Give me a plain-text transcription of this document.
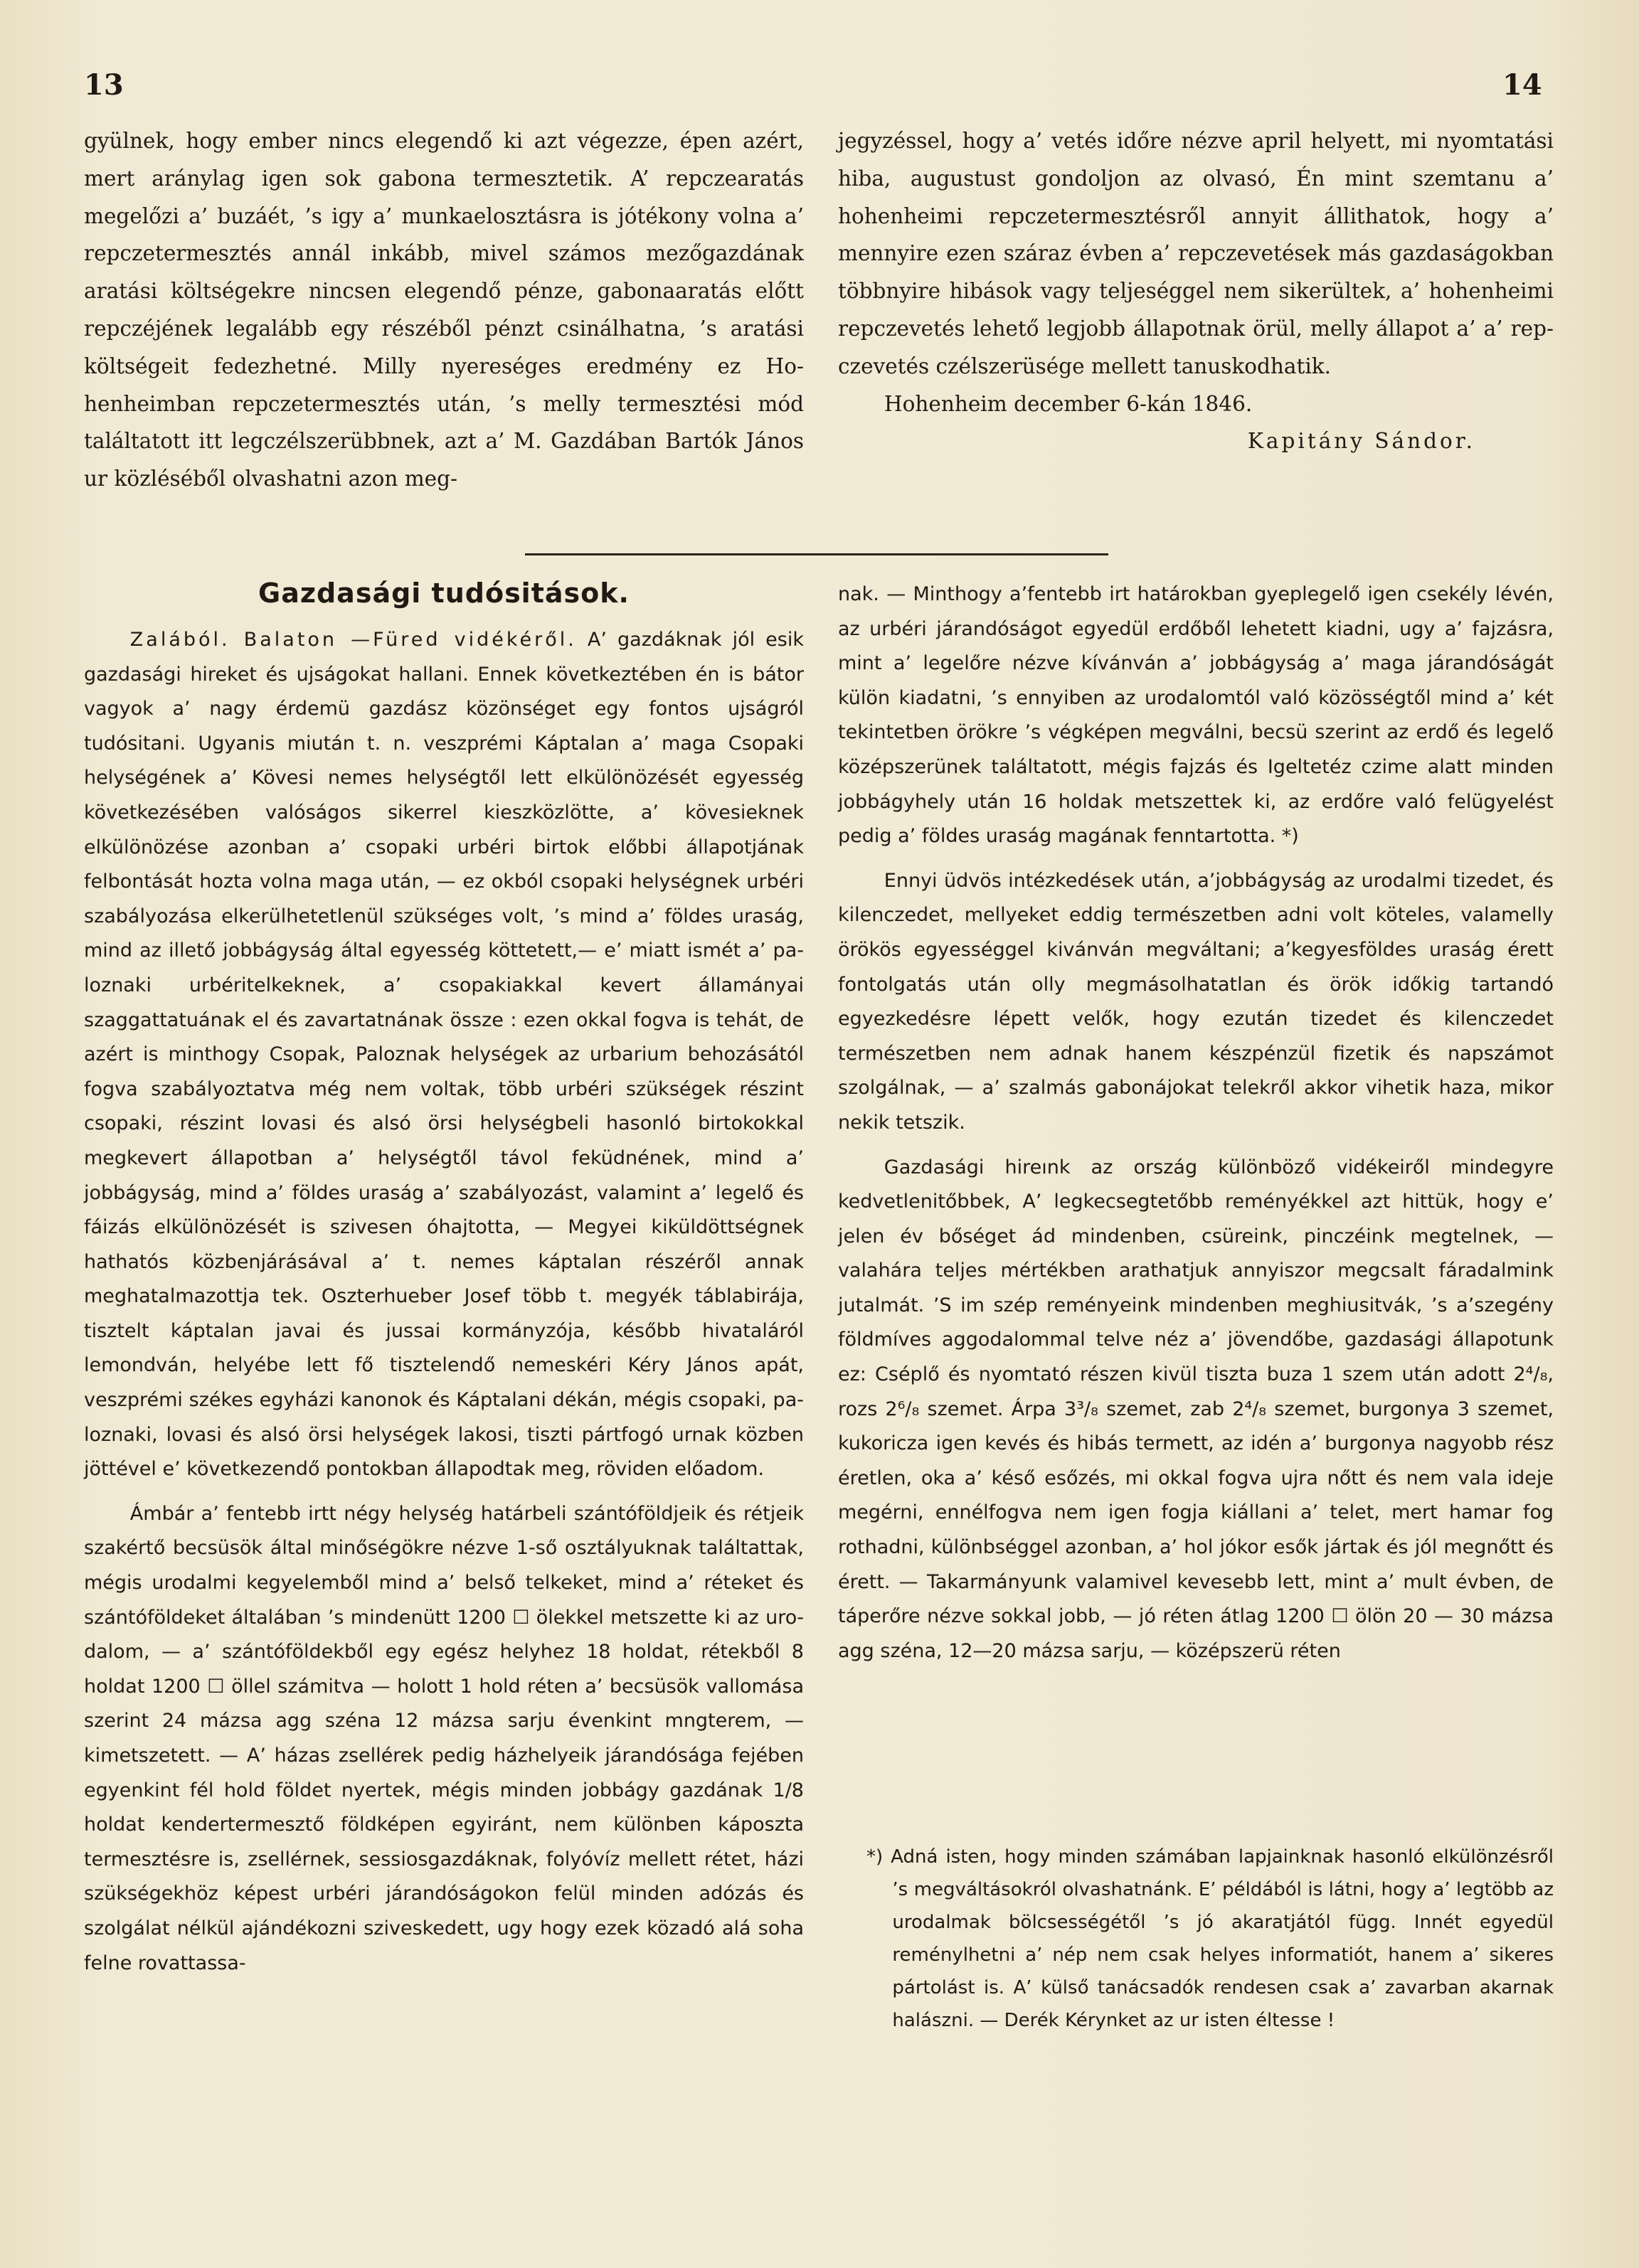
13	14

gyülnek, hogy ember nincs elegendő ki azt végezze, épen azért, mert aránylag igen sok gabona termesztetik. A’ repczearatás megelőzi a’ buzáét, ’s igy a’ munkaelosztásra is jótékony volna a’ repczetermesztés annál inkább, mivel számos mezőgazdának aratási költségekre nincsen elegendő pénze, gabonaaratás előtt repczéjének legalább egy részéből pénzt csinálhatna, ’s aratási költségeit fedezhetné. Milly nyereséges eredmény ez Hohenheimban repczetermesztés után, ’s melly termesztési mód találtatott itt legczélszerübbnek, azt a’ M. Gazdában Bartók János ur közléséből olvashatni azon meg-

jegyzéssel, hogy a’ vetés időre nézve april helyett, mi nyomtatási hiba, augustust gondoljon az olvasó, Én mint szemtanu a’ hohenheimi repczetermesztésről annyit állithatok, hogy a’ mennyire ezen száraz évben a’ repczevetések más gazdaságokban többnyire hibások vagy teljeséggel nem sikerültek, a’ hohenheimi repczevetés lehető legjobb állapotnak örül, melly állapot a’ a’ repczevetés czélszerüsége mellett tanuskodhatik.

Hohenheim december 6-kán 1846.

Kapitány Sándor.

Gazdasági tudósitások.

Zalából. Balaton —Füred vidékéről. A’ gazdáknak jól esik gazdasági hireket és ujságokat hallani. Ennek következtében én is bátor vagyok a’ nagy érdemü gazdász közönséget egy fontos ujságról tudósitani. Ugyanis miután t. n. veszprémi Káptalan a’ maga Csopaki helységének a’ Kövesi nemes helységtől lett elkülönözését egyesség következésében valóságos sikerrel kieszközlötte, a’ kövesieknek elkülönözése azonban a’ csopaki urbéri birtok előbbi állapotjának felbontását hozta volna maga után, — ez okból csopaki helységnek urbéri szabályozása elkerülhetetlenül szükséges volt, ’s mind a’ földes uraság, mind az illető jobbágyság által egyesség köttetett,— e’ miatt ismét a’ paloznaki urbéritelkeknek, a’ csopakiakkal kevert államányai szaggattatuának el és zavartatnának össze : ezen okkal fogva is tehát, de azért is minthogy Csopak, Paloznak helységek az urbarium behozásától fogva szabályoztatva még nem voltak, több urbéri szükségek részint csopaki, részint lovasi és alsó örsi helységbeli hasonló birtokokkal megkevert állapotban a’ helységtől távol feküdnének, mind a’ jobbágyság, mind a’ földes uraság a’ szabályozást, valamint a’ legelő és fáizás elkülönözését is szivesen óhajtotta, — Megyei kiküldöttségnek hathatós közbenjárásával a’ t. nemes káptalan részéről annak meghatalmazottja tek. Oszterhueber Josef több t. megyék táblabirája, tisztelt káptalan javai és jussai kormányzója, később hivataláról lemondván, helyébe lett fő tisztelendő nemeskéri Kéry János apát, veszprémi székes egyházi kanonok és Káptalani dékán, mégis csopaki, paloznaki, lovasi és alsó örsi helységek lakosi, tiszti pártfogó urnak közben jöttével e’ következendő pontokban állapodtak meg, röviden előadom.

Ámbár a’ fentebb irtt négy helység határbeli szántóföldjeik és rétjeik szakértő becsüsök által minőségökre nézve 1-ső osztályuknak találtattak, mégis urodalmi kegyelemből mind a’ belső telkeket, mind a’ réteket és szántóföldeket általában ’s mindenütt 1200 ☐ ölekkel metszette ki az urodalom, — a’ szántóföldekből egy egész helyhez 18 holdat, rétekből 8 holdat 1200 ☐ öllel számitva — holott 1 hold réten a’ becsüsök vallomása szerint 24 mázsa agg széna 12 mázsa sarju évenkint mngterem, — kimetszetett. — A’ házas zsellérek pedig házhelyeik járandósága fejében egyenkint fél hold földet nyertek, mégis minden jobbágy gazdának 1/8 holdat kendertermesztő földképen egyiránt, nem különben káposzta termesztésre is, zsellérnek, sessiosgazdáknak, folyóvíz mellett rétet, házi szükségekhöz képest urbéri járandóságokon felül minden adózás és szolgálat nélkül ajándékozni sziveskedett, ugy hogy ezek közadó alá soha felne rovattassa-

nak. — Minthogy a’fentebb irt határokban gyeplegelő igen csekély lévén, az urbéri járandóságot egyedül erdőből lehetett kiadni, ugy a’ fajzásra, mint a’ legelőre nézve kívánván a’ jobbágyság a’ maga járandóságát külön kiadatni, ’s ennyiben az urodalomtól való közösségtől mind a’ két tekintetben örökre ’s végképen megválni, becsü szerint az erdő és legelő középszerünek találtatott, mégis fajzás és Igeltetéz czime alatt minden jobbágyhely után 16 holdak metszettek ki, az erdőre való felügyelést pedig a’ földes uraság magának fenntartotta. *)

Ennyi üdvös intézkedések után, a’jobbágyság az urodalmi tizedet, és kilenczedet, mellyeket eddig természetben adni volt köteles, valamelly örökös egyességgel kivánván megváltani; a’kegyesföldes uraság érett fontolgatás után olly megmásolhatatlan és örök időkig tartandó egyezkedésre lépett velők, hogy ezután tizedet és kilenczedet természetben nem adnak hanem készpénzül fizetik és napszámot szolgálnak, — a’ szalmás gabonájokat telekről akkor vihetik haza, mikor nekik tetszik.

Gazdasági hireınk az ország különböző vidékeiről mindegyre kedvetlenitőbbek, A’ legkecsegtetőbb reményékkel azt hittük, hogy e’ jelen év bőséget ád mindenben, csüreink, pinczéink megtelnek, — valahára teljes mértékben arathatjuk annyiszor megcsalt fáradalmink jutalmát. ’S im szép reményeink mindenben meghiusitvák, ’s a’szegény földmíves aggodalommal telve néz a’ jövendőbe, gazdasági állapotunk ez: Cséplő és nyomtató részen kivül tiszta buza 1 szem után adott 2⁴/₈, rozs 2⁶/₈ szemet. Árpa 3³/₈ szemet, zab 2⁴/₈ szemet, burgonya 3 szemet, kukoricza igen kevés és hibás termett, az idén a’ burgonya nagyobb rész éretlen, oka a’ késő esőzés, mi okkal fogva ujra nőtt és nem vala ideje megérni, ennélfogva nem igen fogja kiállani a’ telet, mert hamar fog rothadni, különbséggel azonban, a’ hol jókor esők jártak és jól megnőtt és érett. — Takarmányunk valamivel kevesebb lett, mint a’ mult évben, de táperőre nézve sokkal jobb, — jó réten átlag 1200 ☐ ölön 20 — 30 mázsa agg széna, 12—20 mázsa sarju, — középszerü réten

*) Adná isten, hogy minden számában lapjainknak hasonló elkülönzésről ’s megváltásokról olvashatnánk. E’ példából is látni, hogy a’ legtöbb az urodalmak bölcsességétől ’s jó akaratjától függ. Innét egyedül reménylhetni a’ nép nem csak helyes informatiót, hanem a’ sikeres pártolást is. A’ külső tanácsadók rendesen csak a’ zavarban akarnak halászni. — Derék Kérynket az ur isten éltesse !
